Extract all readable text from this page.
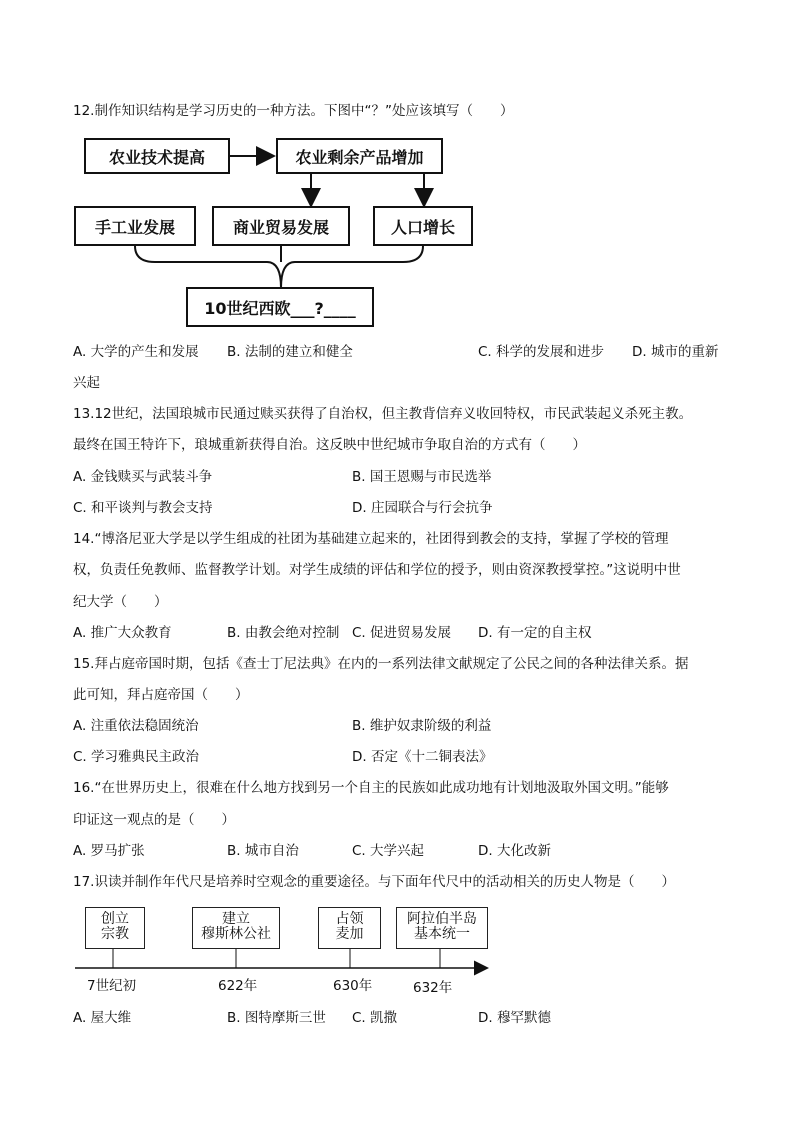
12.制作知识结构是学习历史的一种方法。下图中“？”处应该填写（　　）
农业技术提高	农业剩余产品增加
手工业发展	商业贸易发展	人口增长
10世纪西欧___?____
A. 大学的产生和发展 B. 法制的建立和健全	C. 科学的发展和进步 D. 城市的重新
兴起
13.12世纪，法国琅城市民通过赎买获得了自治权，但主教背信弃义收回特权，市民武装起义杀死主教。
最终在国王特许下，琅城重新获得自治。这反映中世纪城市争取自治的方式有（　　）
A. 金钱赎买与武装斗争	B. 国王恩赐与市民选举
C. 和平谈判与教会支持	D. 庄园联合与行会抗争
14.“博洛尼亚大学是以学生组成的社团为基础建立起来的，社团得到教会的支持，掌握了学校的管理
权，负责任免教师、监督教学计划。对学生成绩的评估和学位的授予，则由资深教授掌控。”这说明中世
纪大学（　　）
A. 推广大众教育	B. 由教会绝对控制 C. 促进贸易发展 D. 有一定的自主权
15.拜占庭帝国时期，包括《查士丁尼法典》在内的一系列法律文献规定了公民之间的各种法律关系。据
此可知，拜占庭帝国（　　）
A. 注重依法稳固统治	B. 维护奴隶阶级的利益
C. 学习雅典民主政治	D. 否定《十二铜表法》
16.“在世界历史上，很难在什么地方找到另一个自主的民族如此成功地有计划地汲取外国文明。”能够
印证这一观点的是（　　）
A. 罗马扩张	B. 城市自治	C. 大学兴起	D. 大化改新
17.识读并制作年代尺是培养时空观念的重要途径。与下面年代尺中的活动相关的历史人物是（　　）
创立
宗教
建立
穆斯林公社
占领
麦加
阿拉伯半岛
基本统一
7世纪初	622年	630年	632年
A. 屋大维	B. 图特摩斯三世 C. 凯撒	D. 穆罕默德
